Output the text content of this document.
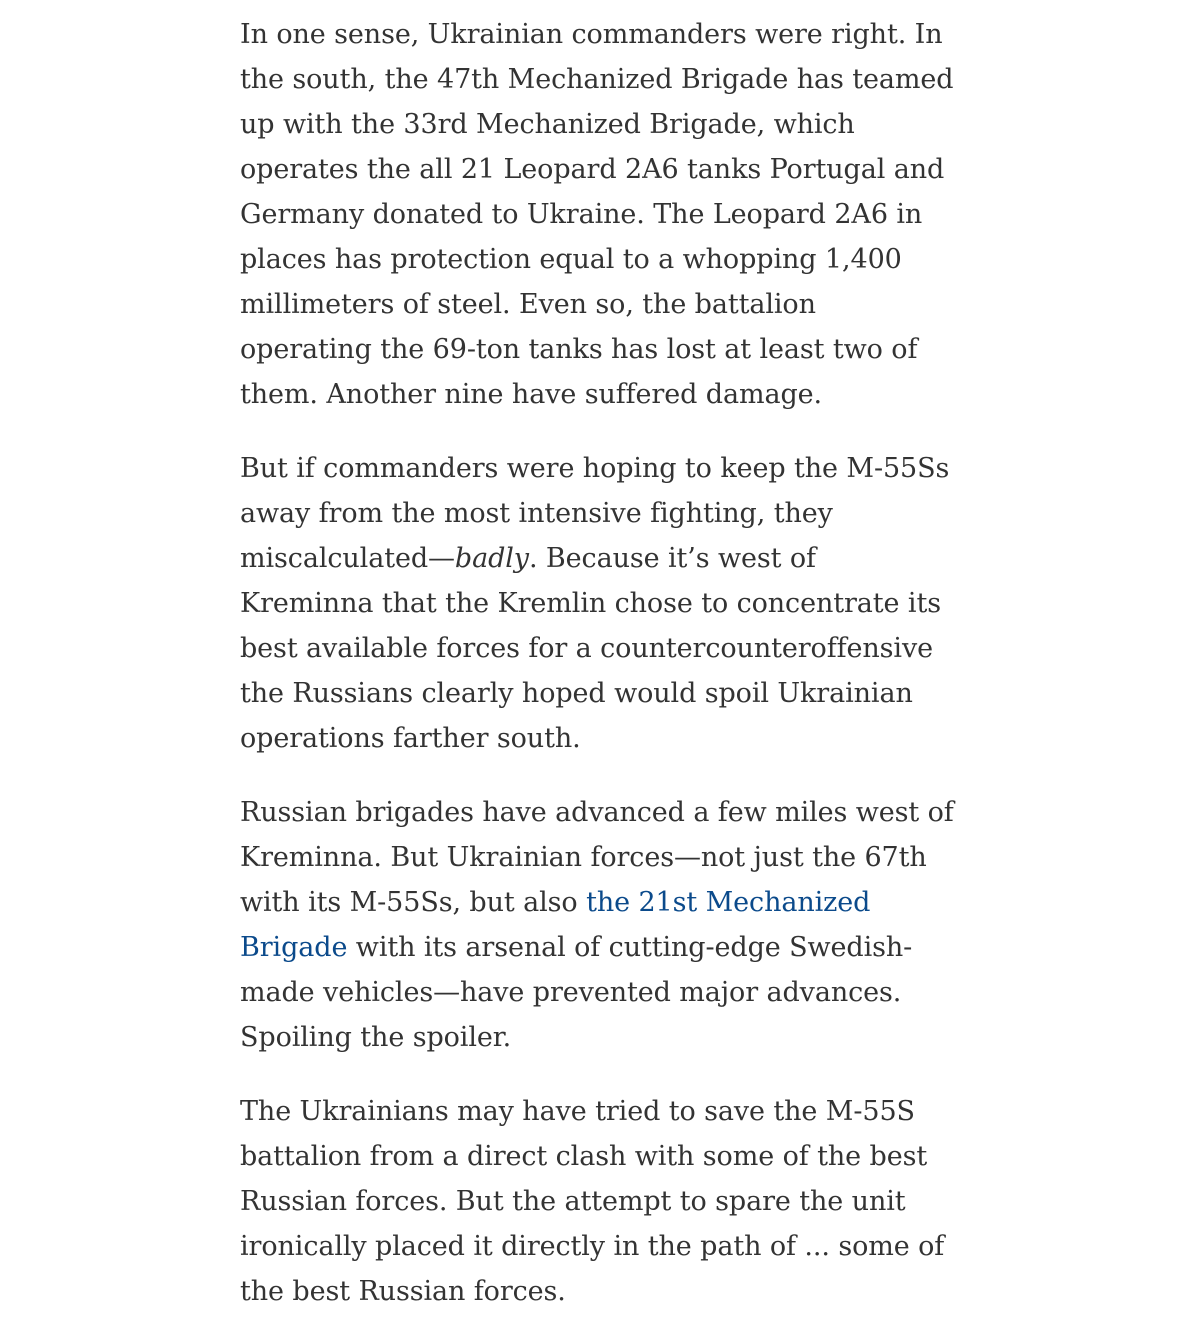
In one sense, Ukrainian commanders were right. In the south, the 47th Mechanized Brigade has teamed up with the 33rd Mechanized Brigade, which operates the all 21 Leopard 2A6 tanks Portugal and Germany donated to Ukraine. The Leopard 2A6 in places has protection equal to a whopping 1,400 millimeters of steel. Even so, the battalion operating the 69-ton tanks has lost at least two of them. Another nine have suffered damage.

But if commanders were hoping to keep the M-55Ss away from the most intensive fighting, they miscalculated—badly. Because it’s west of Kreminna that the Kremlin chose to concentrate its best available forces for a countercounteroffensive the Russians clearly hoped would spoil Ukrainian operations farther south.

Russian brigades have advanced a few miles west of Kreminna. But Ukrainian forces—not just the 67th with its M-55Ss, but also the 21st Mechanized Brigade with its arsenal of cutting-edge Swedish-made vehicles—have prevented major advances. Spoiling the spoiler.

The Ukrainians may have tried to save the M-55S battalion from a direct clash with some of the best Russian forces. But the attempt to spare the unit ironically placed it directly in the path of ... some of the best Russian forces.
